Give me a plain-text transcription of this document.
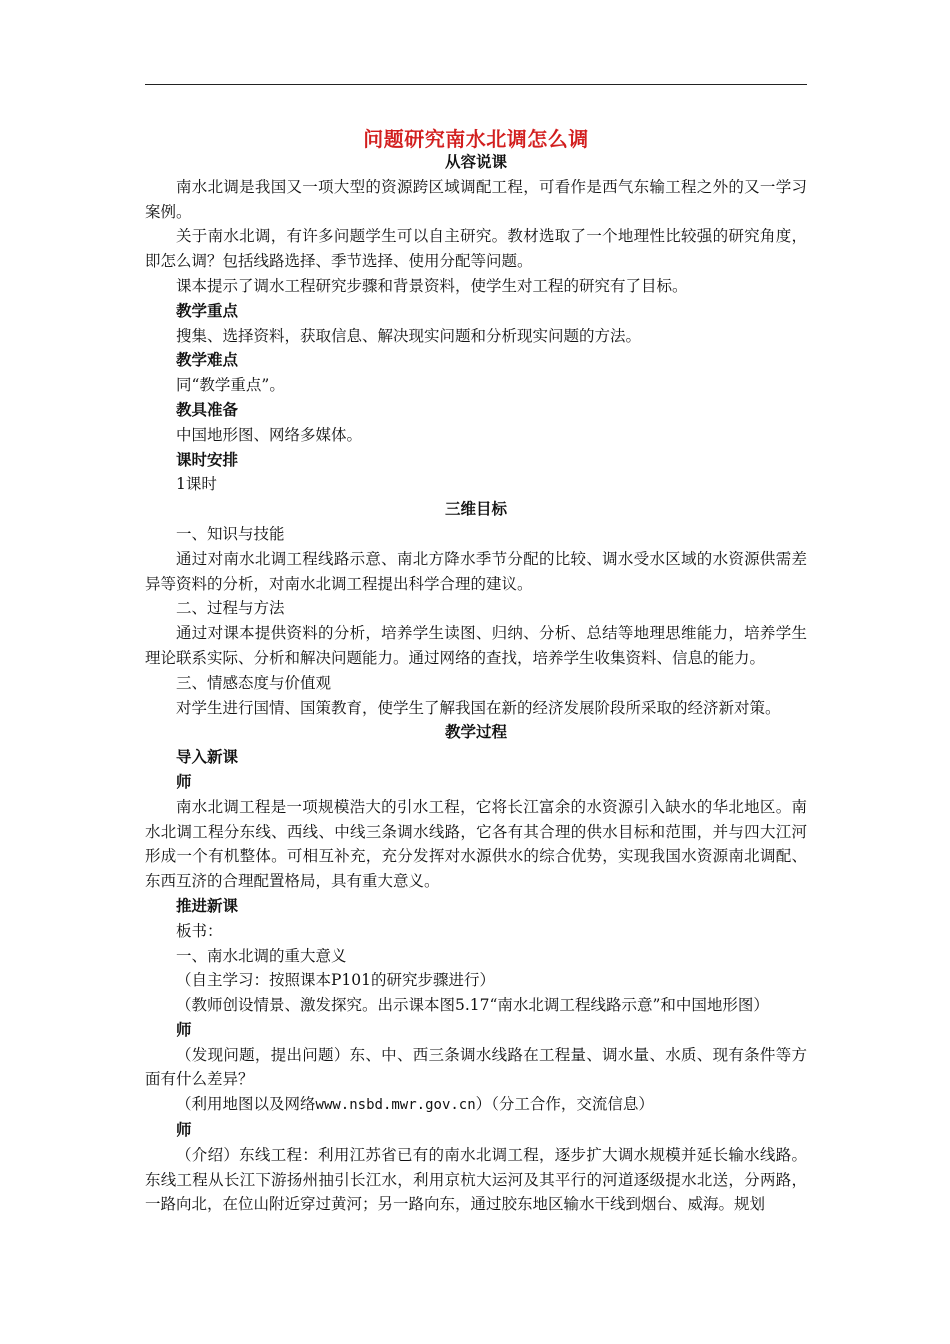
问题研究南水北调怎么调

从容说课

南水北调是我国又一项大型的资源跨区域调配工程，可看作是西气东输工程之外的又一学习案例。

关于南水北调，有许多问题学生可以自主研究。教材选取了一个地理性比较强的研究角度，即怎么调？包括线路选择、季节选择、使用分配等问题。

课本提示了调水工程研究步骤和背景资料，使学生对工程的研究有了目标。

教学重点

搜集、选择资料，获取信息、解决现实问题和分析现实问题的方法。

教学难点

同“教学重点”。

教具准备

中国地形图、网络多媒体。

课时安排

1课时

三维目标

一、知识与技能

通过对南水北调工程线路示意、南北方降水季节分配的比较、调水受水区域的水资源供需差异等资料的分析，对南水北调工程提出科学合理的建议。

二、过程与方法

通过对课本提供资料的分析，培养学生读图、归纳、分析、总结等地理思维能力，培养学生理论联系实际、分析和解决问题能力。通过网络的查找，培养学生收集资料、信息的能力。

三、情感态度与价值观

对学生进行国情、国策教育，使学生了解我国在新的经济发展阶段所采取的经济新对策。

教学过程

导入新课

师

南水北调工程是一项规模浩大的引水工程，它将长江富余的水资源引入缺水的华北地区。南水北调工程分东线、西线、中线三条调水线路，它各有其合理的供水目标和范围，并与四大江河形成一个有机整体。可相互补充，充分发挥对水源供水的综合优势，实现我国水资源南北调配、东西互济的合理配置格局，具有重大意义。

推进新课

板书：

一、南水北调的重大意义

（自主学习：按照课本P101的研究步骤进行）

（教师创设情景、激发探究。出示课本图5.17“南水北调工程线路示意”和中国地形图）

师

（发现问题，提出问题）东、中、西三条调水线路在工程量、调水量、水质、现有条件等方面有什么差异？

（利用地图以及网络www.nsbd.mwr.gov.cn）（分工合作，交流信息）

师

（介绍）东线工程：利用江苏省已有的南水北调工程，逐步扩大调水规模并延长输水线路。东线工程从长江下游扬州抽引长江水，利用京杭大运河及其平行的河道逐级提水北送，分两路，一路向北，在位山附近穿过黄河；另一路向东，通过胶东地区输水干线到烟台、威海。规划
